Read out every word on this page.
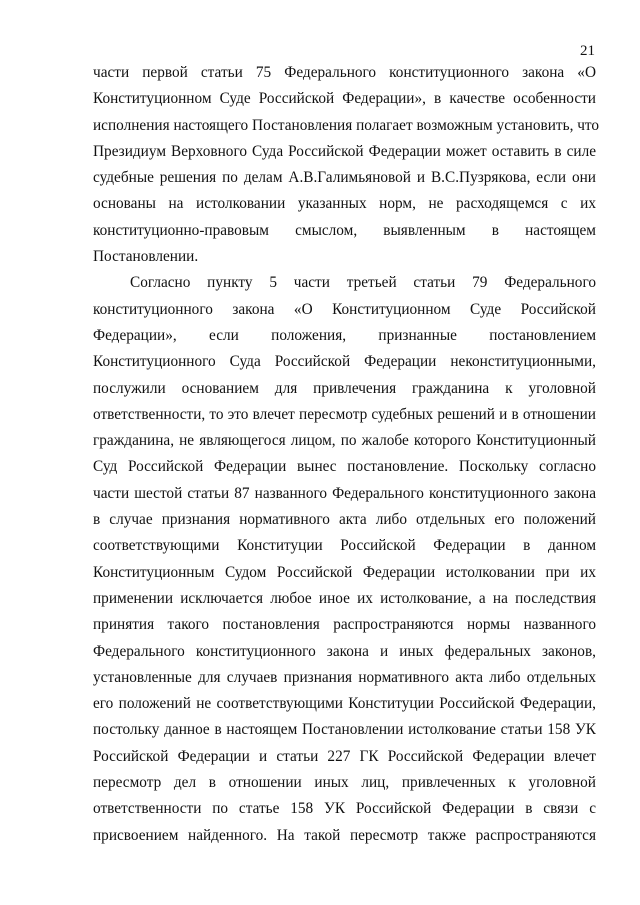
21
части первой статьи 75 Федерального конституционного закона «О
Конституционном Суде Российской Федерации», в качестве особенности
исполнения настоящего Постановления полагает возможным установить, что
Президиум Верховного Суда Российской Федерации может оставить в силе
судебные решения по делам А.В.Галимьяновой и В.С.Пузрякова, если они
основаны на истолковании указанных норм, не расходящемся с их
конституционно-правовым смыслом, выявленным в настоящем
Постановлении.
Согласно пункту 5 части третьей статьи 79 Федерального
конституционного закона «О Конституционном Суде Российской
Федерации», если положения, признанные постановлением
Конституционного Суда Российской Федерации неконституционными,
послужили основанием для привлечения гражданина к уголовной
ответственности, то это влечет пересмотр судебных решений и в отношении
гражданина, не являющегося лицом, по жалобе которого Конституционный
Суд Российской Федерации вынес постановление. Поскольку согласно
части шестой статьи 87 названного Федерального конституционного закона
в случае признания нормативного акта либо отдельных его положений
соответствующими Конституции Российской Федерации в данном
Конституционным Судом Российской Федерации истолковании при их
применении исключается любое иное их истолкование, а на последствия
принятия такого постановления распространяются нормы названного
Федерального конституционного закона и иных федеральных законов,
установленные для случаев признания нормативного акта либо отдельных
его положений не соответствующими Конституции Российской Федерации,
постольку данное в настоящем Постановлении истолкование статьи 158 УК
Российской Федерации и статьи 227 ГК Российской Федерации влечет
пересмотр дел в отношении иных лиц, привлеченных к уголовной
ответственности по статье 158 УК Российской Федерации в связи с
присвоением найденного. На такой пересмотр также распространяются
